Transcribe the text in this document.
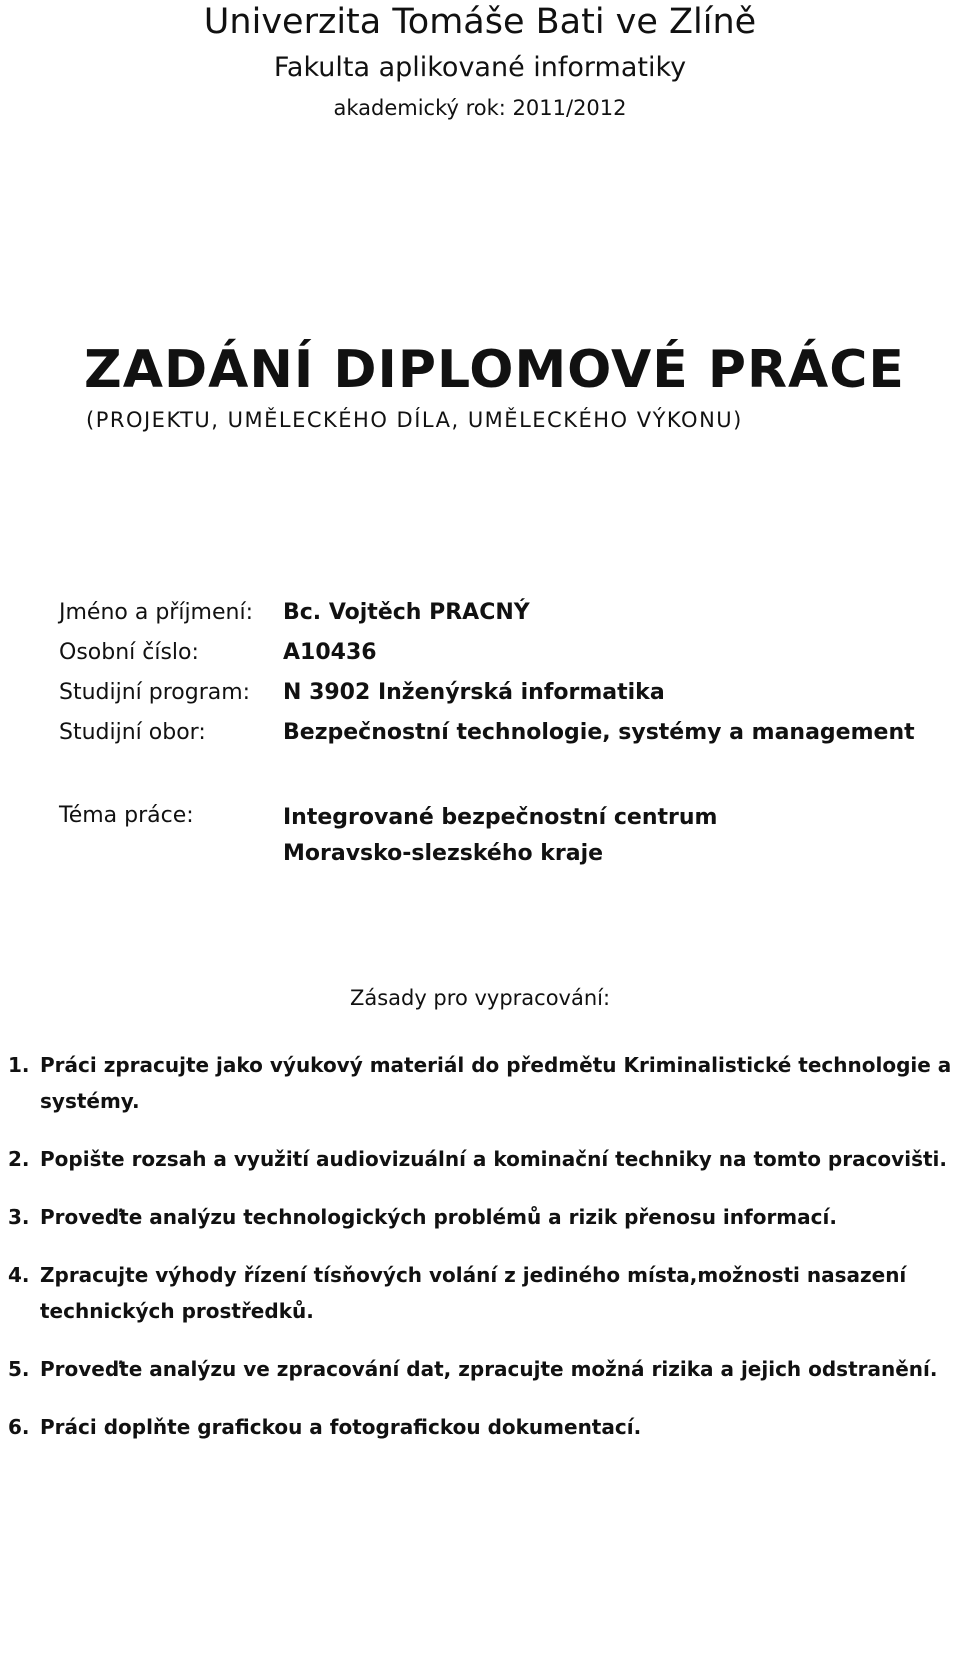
Univerzita Tomáše Bati ve Zlíně
Fakulta aplikované informatiky
akademický rok: 2011/2012
ZADÁNÍ DIPLOMOVÉ PRÁCE
(PROJEKTU, UMĚLECKÉHO DÍLA, UMĚLECKÉHO VÝKONU)
Jméno a příjmení: Bc. Vojtěch PRACNÝ
Osobní číslo:	A10436
Studijní program: N 3902 Inženýrská informatika
Studijní obor:	Bezpečnostní technologie, systémy a management
Téma práce:	Integrované bezpečnostní centrum
Moravsko-slezského kraje
Zásady pro vypracování:
1. Práci zpracujte jako výukový materiál do předmětu Kriminalistické technologie a systémy.
2. Popište rozsah a využití audiovizuální a kominační techniky na tomto pracovišti.
3. Proveďte analýzu technologických problémů a rizik přenosu informací.
4. Zpracujte výhody řízení tísňových volání z jediného místa,možnosti nasazení technických prostředků.
5. Proveďte analýzu ve zpracování dat, zpracujte možná rizika a jejich odstranění.
6. Práci doplňte grafickou a fotografickou dokumentací.
